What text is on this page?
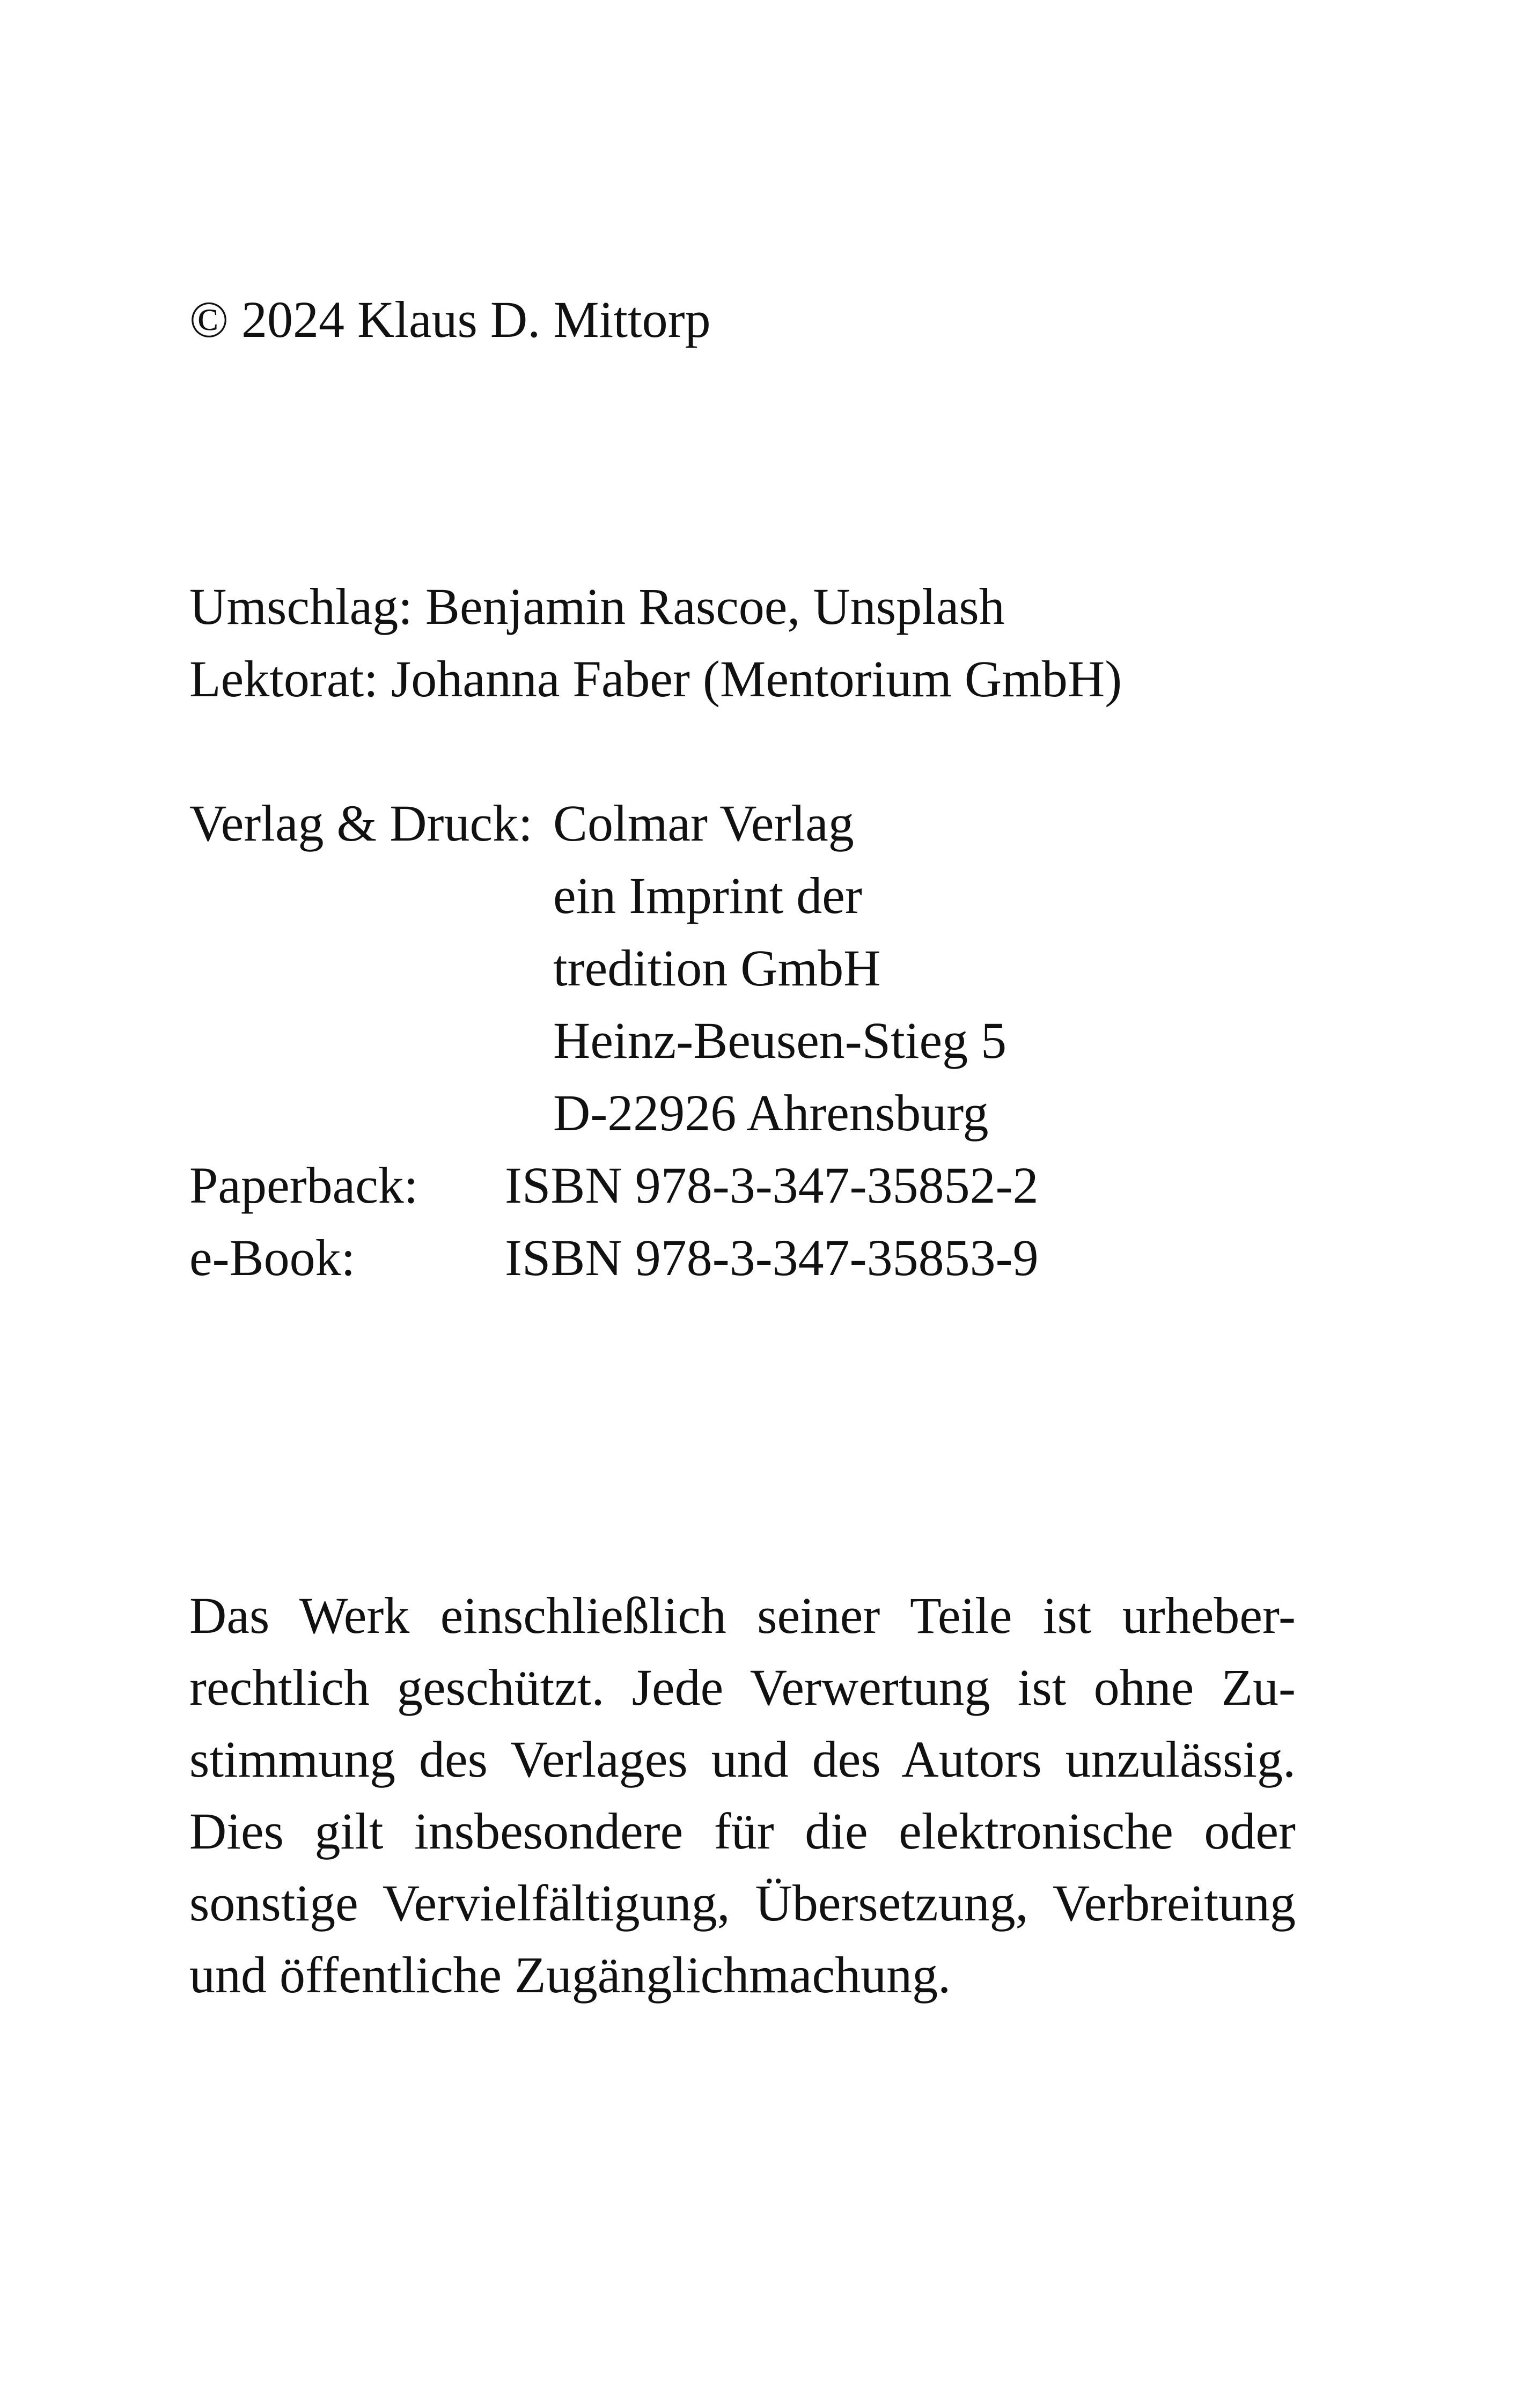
© 2024 Klaus D. Mittorp
Umschlag: Benjamin Rascoe, Unsplash
Lektorat: Johanna Faber (Mentorium GmbH)
Verlag & Druck: Colmar Verlag
ein Imprint der
tredition GmbH
Heinz-Beusen-Stieg 5
D-22926 Ahrensburg
Paperback: ISBN 978-3-347-35852-2
e-Book:	ISBN 978-3-347-35853-9
Das Werk einschließlich seiner Teile ist urheber-
rechtlich geschützt. Jede Verwertung ist ohne Zu-
stimmung des Verlages und des Autors unzulässig.
Dies gilt insbesondere für die elektronische oder
sonstige Vervielfältigung, Übersetzung, Verbreitung
und öffentliche Zugänglichmachung.
